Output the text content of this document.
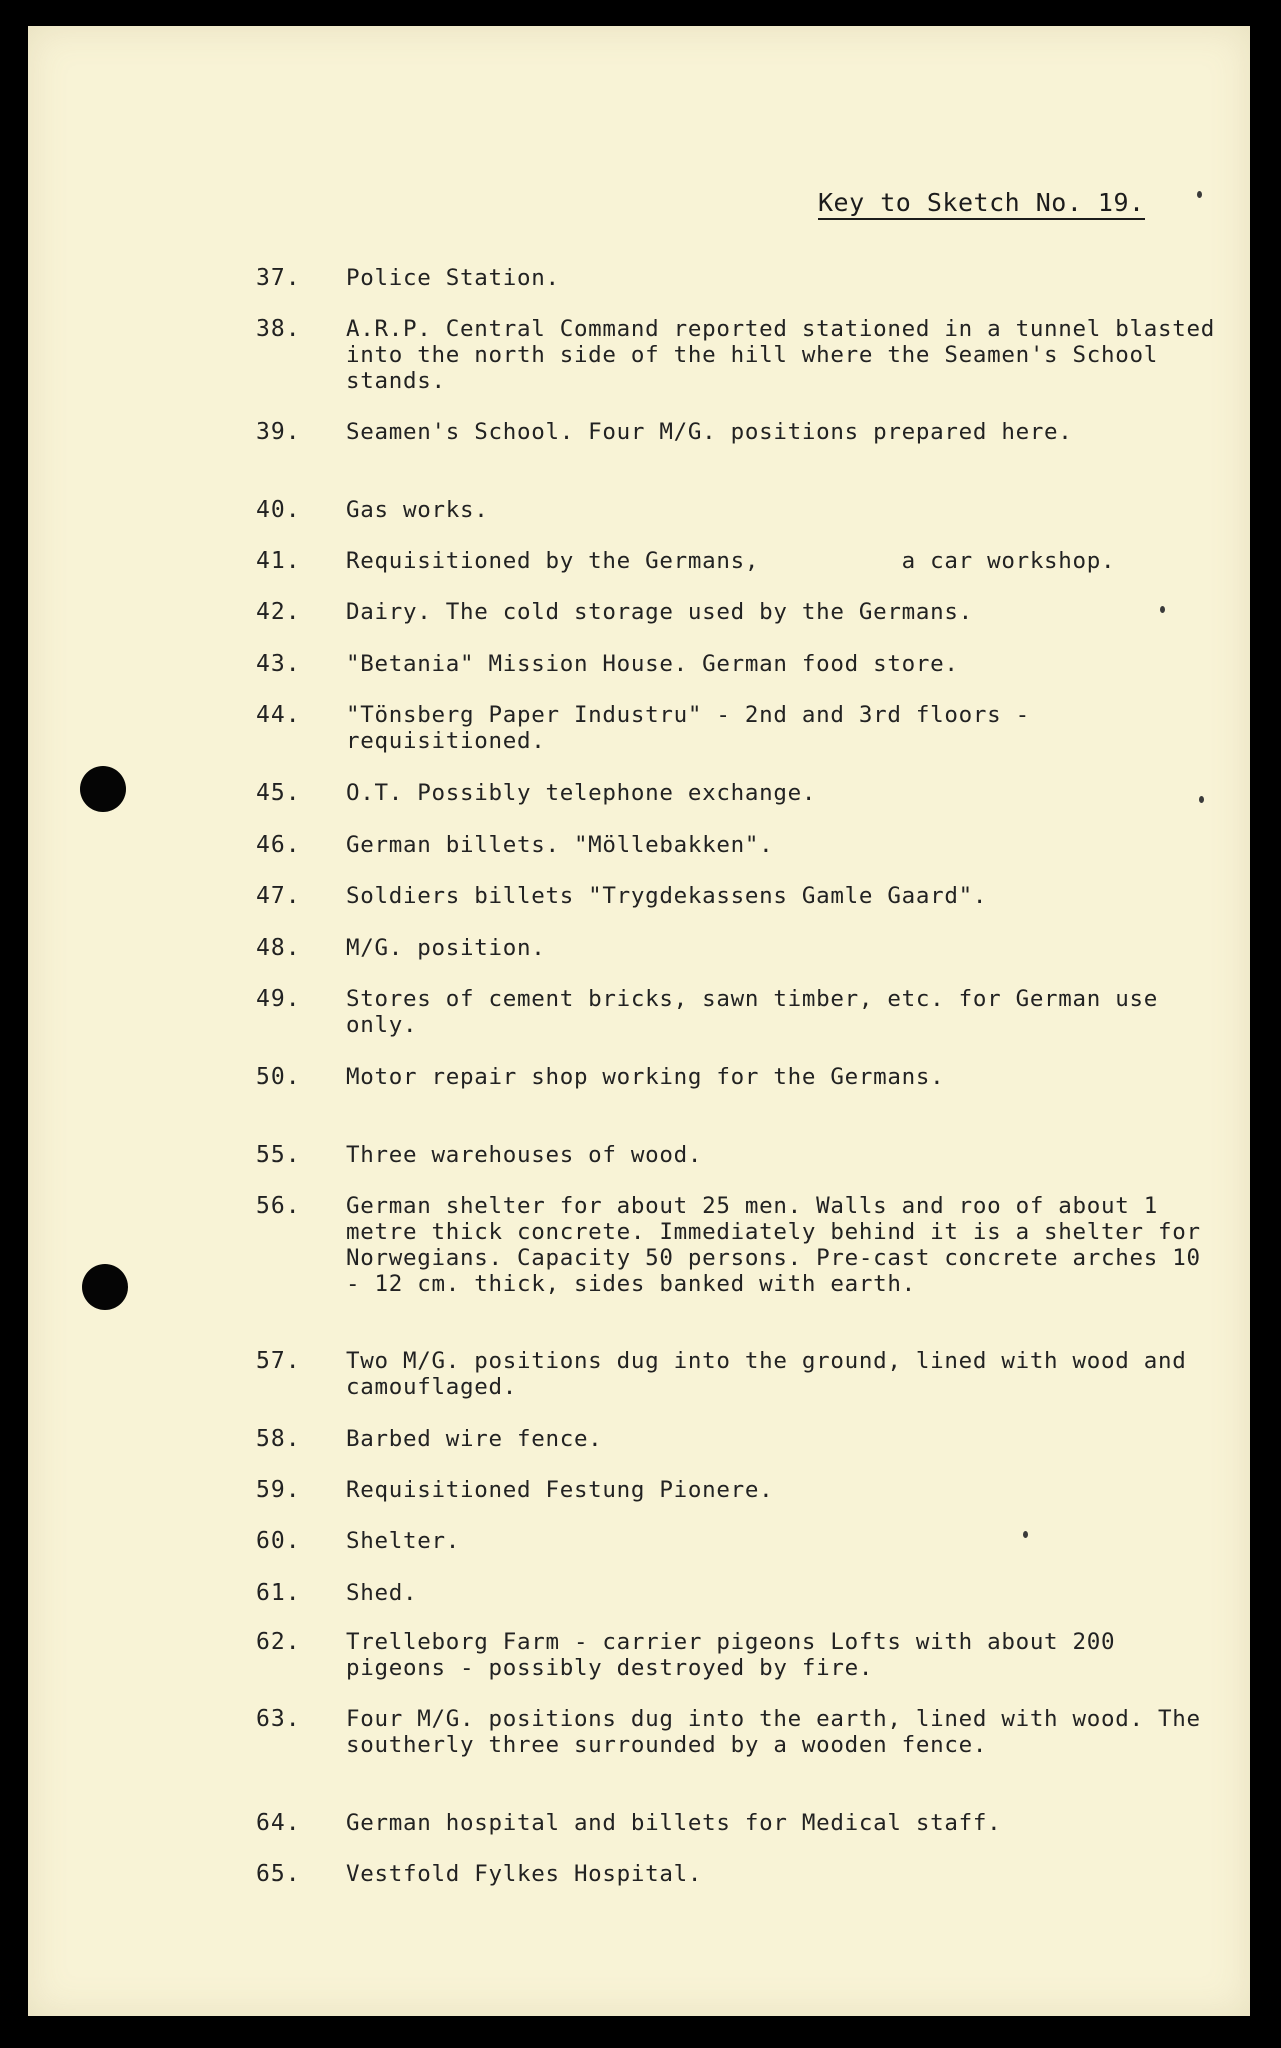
Key to Sketch No. 19.
37. Police Station.
38. A.R.P. Central Command reported stationed in a tunnel blasted into the north side of the hill where the Seamen's School stands.
39. Seamen's School. Four M/G. positions prepared here.
40. Gas works.
41. Requisitioned by the Germans,          a car workshop.
42. Dairy. The cold storage used by the Germans.
43. "Betania" Mission House. German food store.
44. "Tönsberg Paper Industru" - 2nd and 3rd floors - requisitioned.
45. O.T. Possibly telephone exchange.
46. German billets. "Möllebakken".
47. Soldiers billets "Trygdekassens Gamle Gaard".
48. M/G. position.
49. Stores of cement bricks, sawn timber, etc. for German use only.
50. Motor repair shop working for the Germans.
55. Three warehouses of wood.
56. German shelter for about 25 men. Walls and roo of about 1 metre thick concrete. Immediately behind it is a shelter for Norwegians. Capacity 50 persons. Pre-cast concrete arches 10 - 12 cm. thick, sides banked with earth.
57. Two M/G. positions dug into the ground, lined with wood and camouflaged.
58. Barbed wire fence.
59. Requisitioned Festung Pionere.
60. Shelter.
61. Shed.
62. Trelleborg Farm - carrier pigeons Lofts with about 200 pigeons - possibly destroyed by fire.
63. Four M/G. positions dug into the earth, lined with wood. The southerly three surrounded by a wooden fence.
64. German hospital and billets for Medical staff.
65. Vestfold Fylkes Hospital.
